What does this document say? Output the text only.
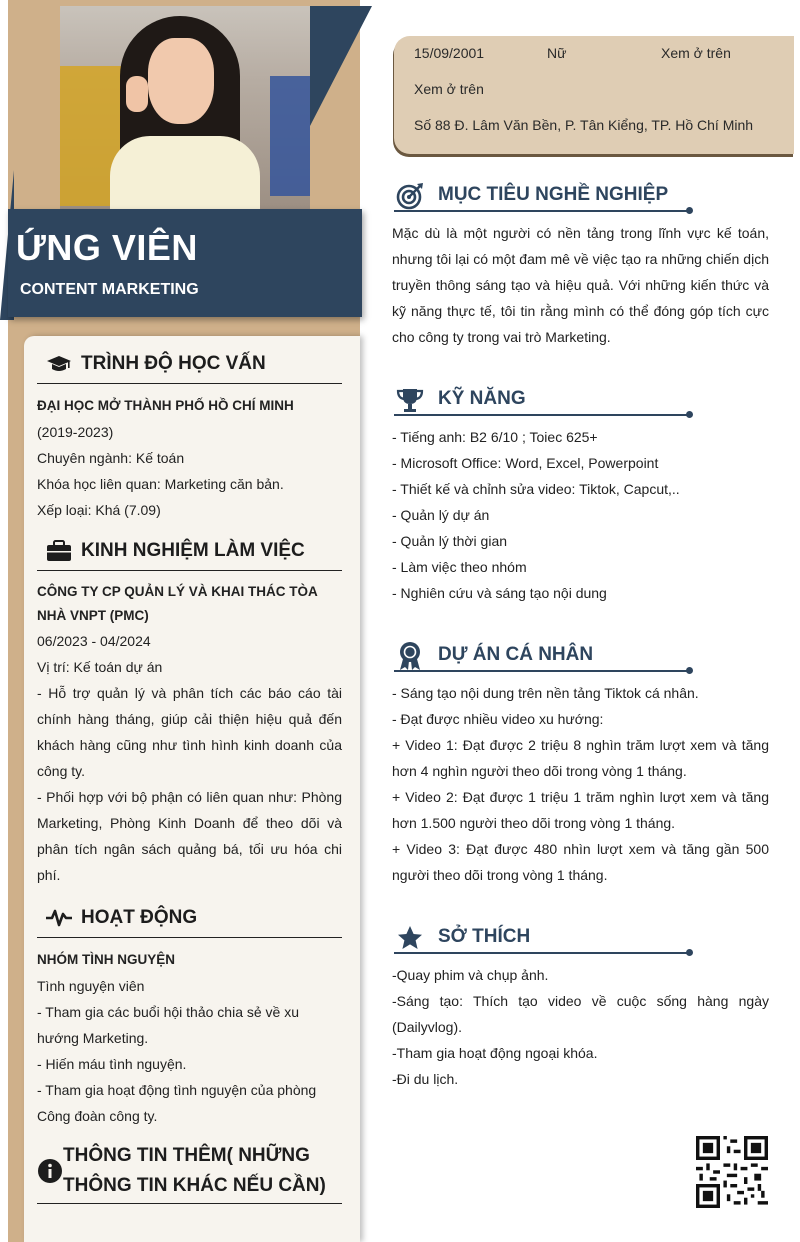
ỨNG VIÊN
CONTENT MARKETING
TRÌNH ĐỘ HỌC VẤN
ĐẠI HỌC MỞ THÀNH PHỐ HỒ CHÍ MINH
(2019-2023)
Chuyên ngành: Kế toán
Khóa học liên quan: Marketing căn bản.
Xếp loại: Khá (7.09)
KINH NGHIỆM LÀM VIỆC
CÔNG TY CP QUẢN LÝ VÀ KHAI THÁC TÒA NHÀ VNPT (PMC)
06/2023 - 04/2024
Vị trí: Kế toán dự án
- Hỗ trợ quản lý và phân tích các báo cáo tài chính hàng tháng, giúp cải thiện hiệu quả đến khách hàng cũng như tình hình kinh doanh của công ty.
- Phối hợp với bộ phận có liên quan như: Phòng Marketing, Phòng Kinh Doanh để theo dõi và phân tích ngân sách quảng bá, tối ưu hóa chi phí.
HOẠT ĐỘNG
NHÓM TÌNH NGUYỆN
Tình nguyện viên
- Tham gia các buổi hội thảo chia sẻ về xu hướng Marketing.
- Hiến máu tình nguyện.
- Tham gia hoạt động tình nguyện của phòng Công đoàn công ty.
THÔNG TIN THÊM( NHỮNG THÔNG TIN KHÁC NẾU CẦN)
15/09/2001	Nữ	Xem ở trên
Xem ở trên
Số 88 Đ. Lâm Văn Bền, P. Tân Kiểng, TP. Hồ Chí Minh
MỤC TIÊU NGHỀ NGHIỆP
Mặc dù là một người có nền tảng trong lĩnh vực kế toán, nhưng tôi lại có một đam mê về việc tạo ra những chiến dịch truyền thông sáng tạo và hiệu quả. Với những kiến thức và kỹ năng thực tế, tôi tin rằng mình có thể đóng góp tích cực cho công ty trong vai trò Marketing.
KỸ NĂNG
- Tiếng anh: B2 6/10 ; Toiec 625+
- Microsoft Office: Word, Excel, Powerpoint
- Thiết kế và chỉnh sửa video: Tiktok, Capcut,..
- Quản lý dự án
- Quản lý thời gian
- Làm việc theo nhóm
- Nghiên cứu và sáng tạo nội dung
DỰ ÁN CÁ NHÂN
- Sáng tạo nội dung trên nền tảng Tiktok cá nhân.
- Đạt được nhiều video xu hướng:
+ Video 1: Đạt được 2 triệu 8 nghìn trăm lượt xem và tăng hơn 4 nghìn người theo dõi trong vòng 1 tháng.
+ Video 2: Đạt được 1 triệu 1 trăm nghìn lượt xem và tăng hơn 1.500 người theo dõi trong vòng 1 tháng.
+ Video 3: Đạt được 480 nhìn lượt xem và tăng gần 500 người theo dõi trong vòng 1 tháng.
SỞ THÍCH
-Quay phim và chụp ảnh.
-Sáng tạo: Thích tạo video về cuộc sống hàng ngày (Dailyvlog).
-Tham gia hoạt động ngoại khóa.
-Đi du lịch.
